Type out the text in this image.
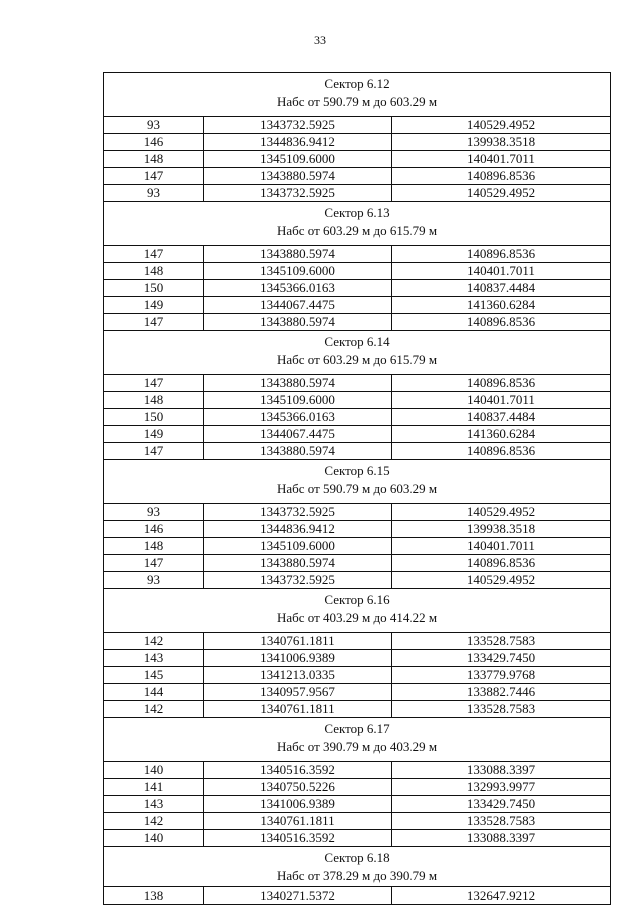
33
Сектор 6.12
Набс от 590.79 м до 603.29 м		

93	1343732.5925	140529.4952
146	1344836.9412	139938.3518
148	1345109.6000	140401.7011
147	1343880.5974	140896.8536
93	1343732.5925	140529.4952

Сектор 6.13
Набс от 603.29 м до 615.79 м		

147	1343880.5974	140896.8536
148	1345109.6000	140401.7011
150	1345366.0163	140837.4484
149	1344067.4475	141360.6284
147	1343880.5974	140896.8536

Сектор 6.14
Набс от 603.29 м до 615.79 м		

147	1343880.5974	140896.8536
148	1345109.6000	140401.7011
150	1345366.0163	140837.4484
149	1344067.4475	141360.6284
147	1343880.5974	140896.8536

Сектор 6.15
Набс от 590.79 м до 603.29 м		

93	1343732.5925	140529.4952
146	1344836.9412	139938.3518
148	1345109.6000	140401.7011
147	1343880.5974	140896.8536
93	1343732.5925	140529.4952

Сектор 6.16
Набс от 403.29 м до 414.22 м		

142	1340761.1811	133528.7583
143	1341006.9389	133429.7450
145	1341213.0335	133779.9768
144	1340957.9567	133882.7446
142	1340761.1811	133528.7583

Сектор 6.17
Набс от 390.79 м до 403.29 м		

140	1340516.3592	133088.3397
141	1340750.5226	132993.9977
143	1341006.9389	133429.7450
142	1340761.1811	133528.7583
140	1340516.3592	133088.3397

Сектор 6.18
Набс от 378.29 м до 390.79 м		

138	1340271.5372	132647.9212
